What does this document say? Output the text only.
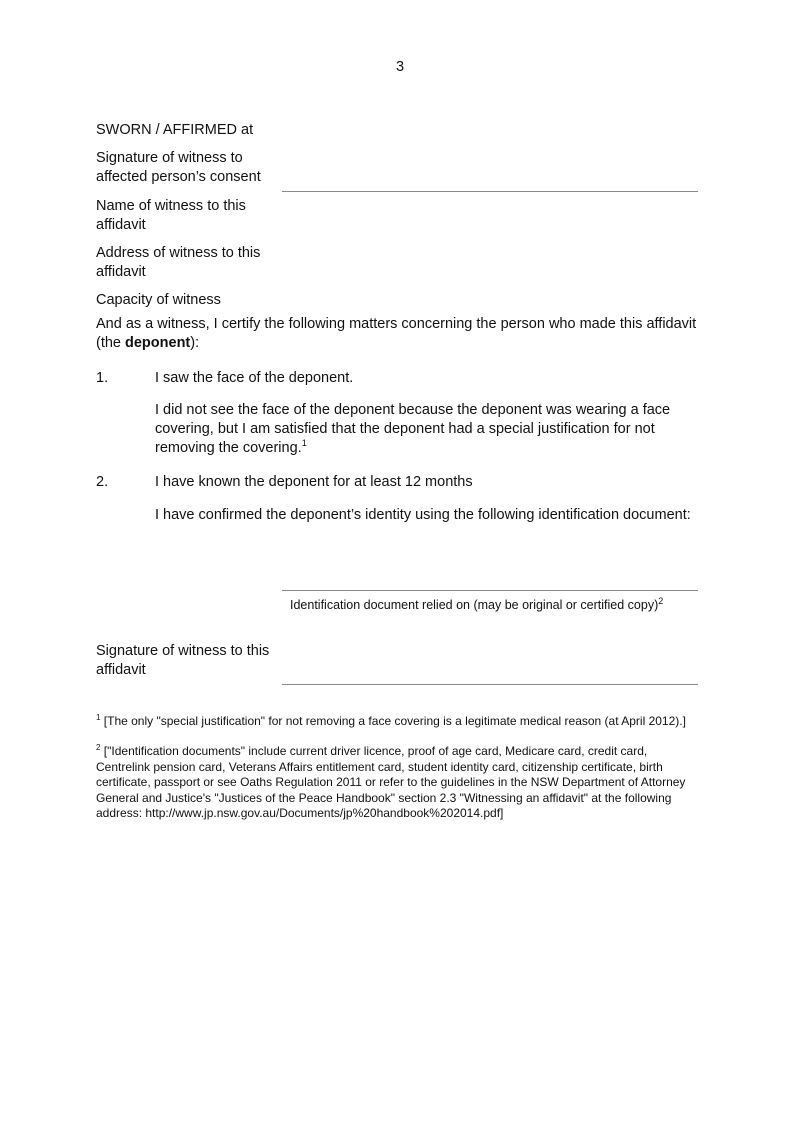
3
SWORN / AFFIRMED at
Signature of witness to affected person’s consent
Name of witness to this affidavit
Address of witness to this affidavit
Capacity of witness
And as a witness, I certify the following matters concerning the person who made this affidavit (the deponent):
1.	I saw the face of the deponent.
I did not see the face of the deponent because the deponent was wearing a face covering, but I am satisfied that the deponent had a special justification for not removing the covering.$^1$
2.	I have known the deponent for at least 12 months
I have confirmed the deponent’s identity using the following identification document:
Identification document relied on (may be original or certified copy)$^2$
Signature of witness to this affidavit
$^1$ [The only "special justification" for not removing a face covering is a legitimate medical reason (at April 2012).]
$^2$ ["Identification documents" include current driver licence, proof of age card, Medicare card, credit card, Centrelink pension card, Veterans Affairs entitlement card, student identity card, citizenship certificate, birth certificate, passport or see Oaths Regulation 2011 or refer to the guidelines in the NSW Department of Attorney General and Justice's "Justices of the Peace Handbook" section 2.3 "Witnessing an affidavit" at the following address: http://www.jp.nsw.gov.au/Documents/jp%20handbook%202014.pdf]
